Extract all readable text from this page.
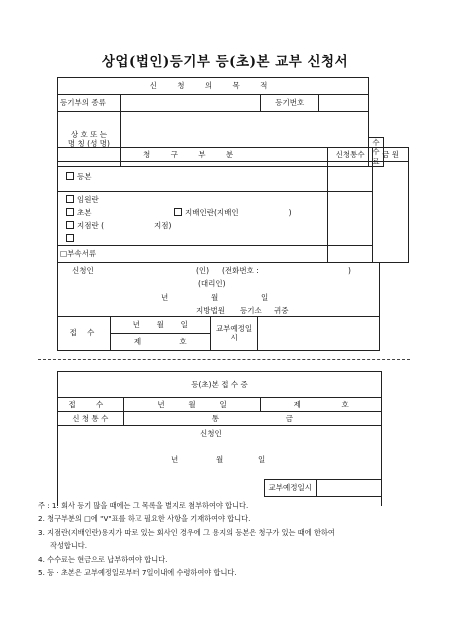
상업(법인)등기부 등(초)본 교부 신청서
신 청 의 목 적				
등기부의 종류		등기번호		
상 호 또 는
명 칭 (성 명)				
				수수료
청 구 부 분	신청통수	금 원
등본		

임원란
초본 지배인란(지배인 )
지점란 ( 지점)		

□부속서류		
신청인	(인) (전화번호 :	)
(대리인)
년	월	일
지방법원 등기소 귀중

접 수	년 월 일	교부예정일시	
제	호
등(초)본 접 수 증		
접 수	년 월 일	제 호
신 청 통 수	통 금	

신청인
년 월 일		
교부예정일시	
주 : 1. 회사 등기 많을 때에는 그 목록을 별지로 첨부하여야 합니다.
2. 청구부분의 □에 "V"표를 하고 필요한 사항을 기재하여야 합니다.
3. 지점란(지배인란)용지가 따로 있는 회사인 경우에 그 용지의 등본은 청구가 있는 때에 한하여
작성합니다.
4. 수수료는 현금으로 납부하여야 합니다.
5. 등 · 초본은 교부예정일로부터 7일이내에 수령하여야 합니다.
